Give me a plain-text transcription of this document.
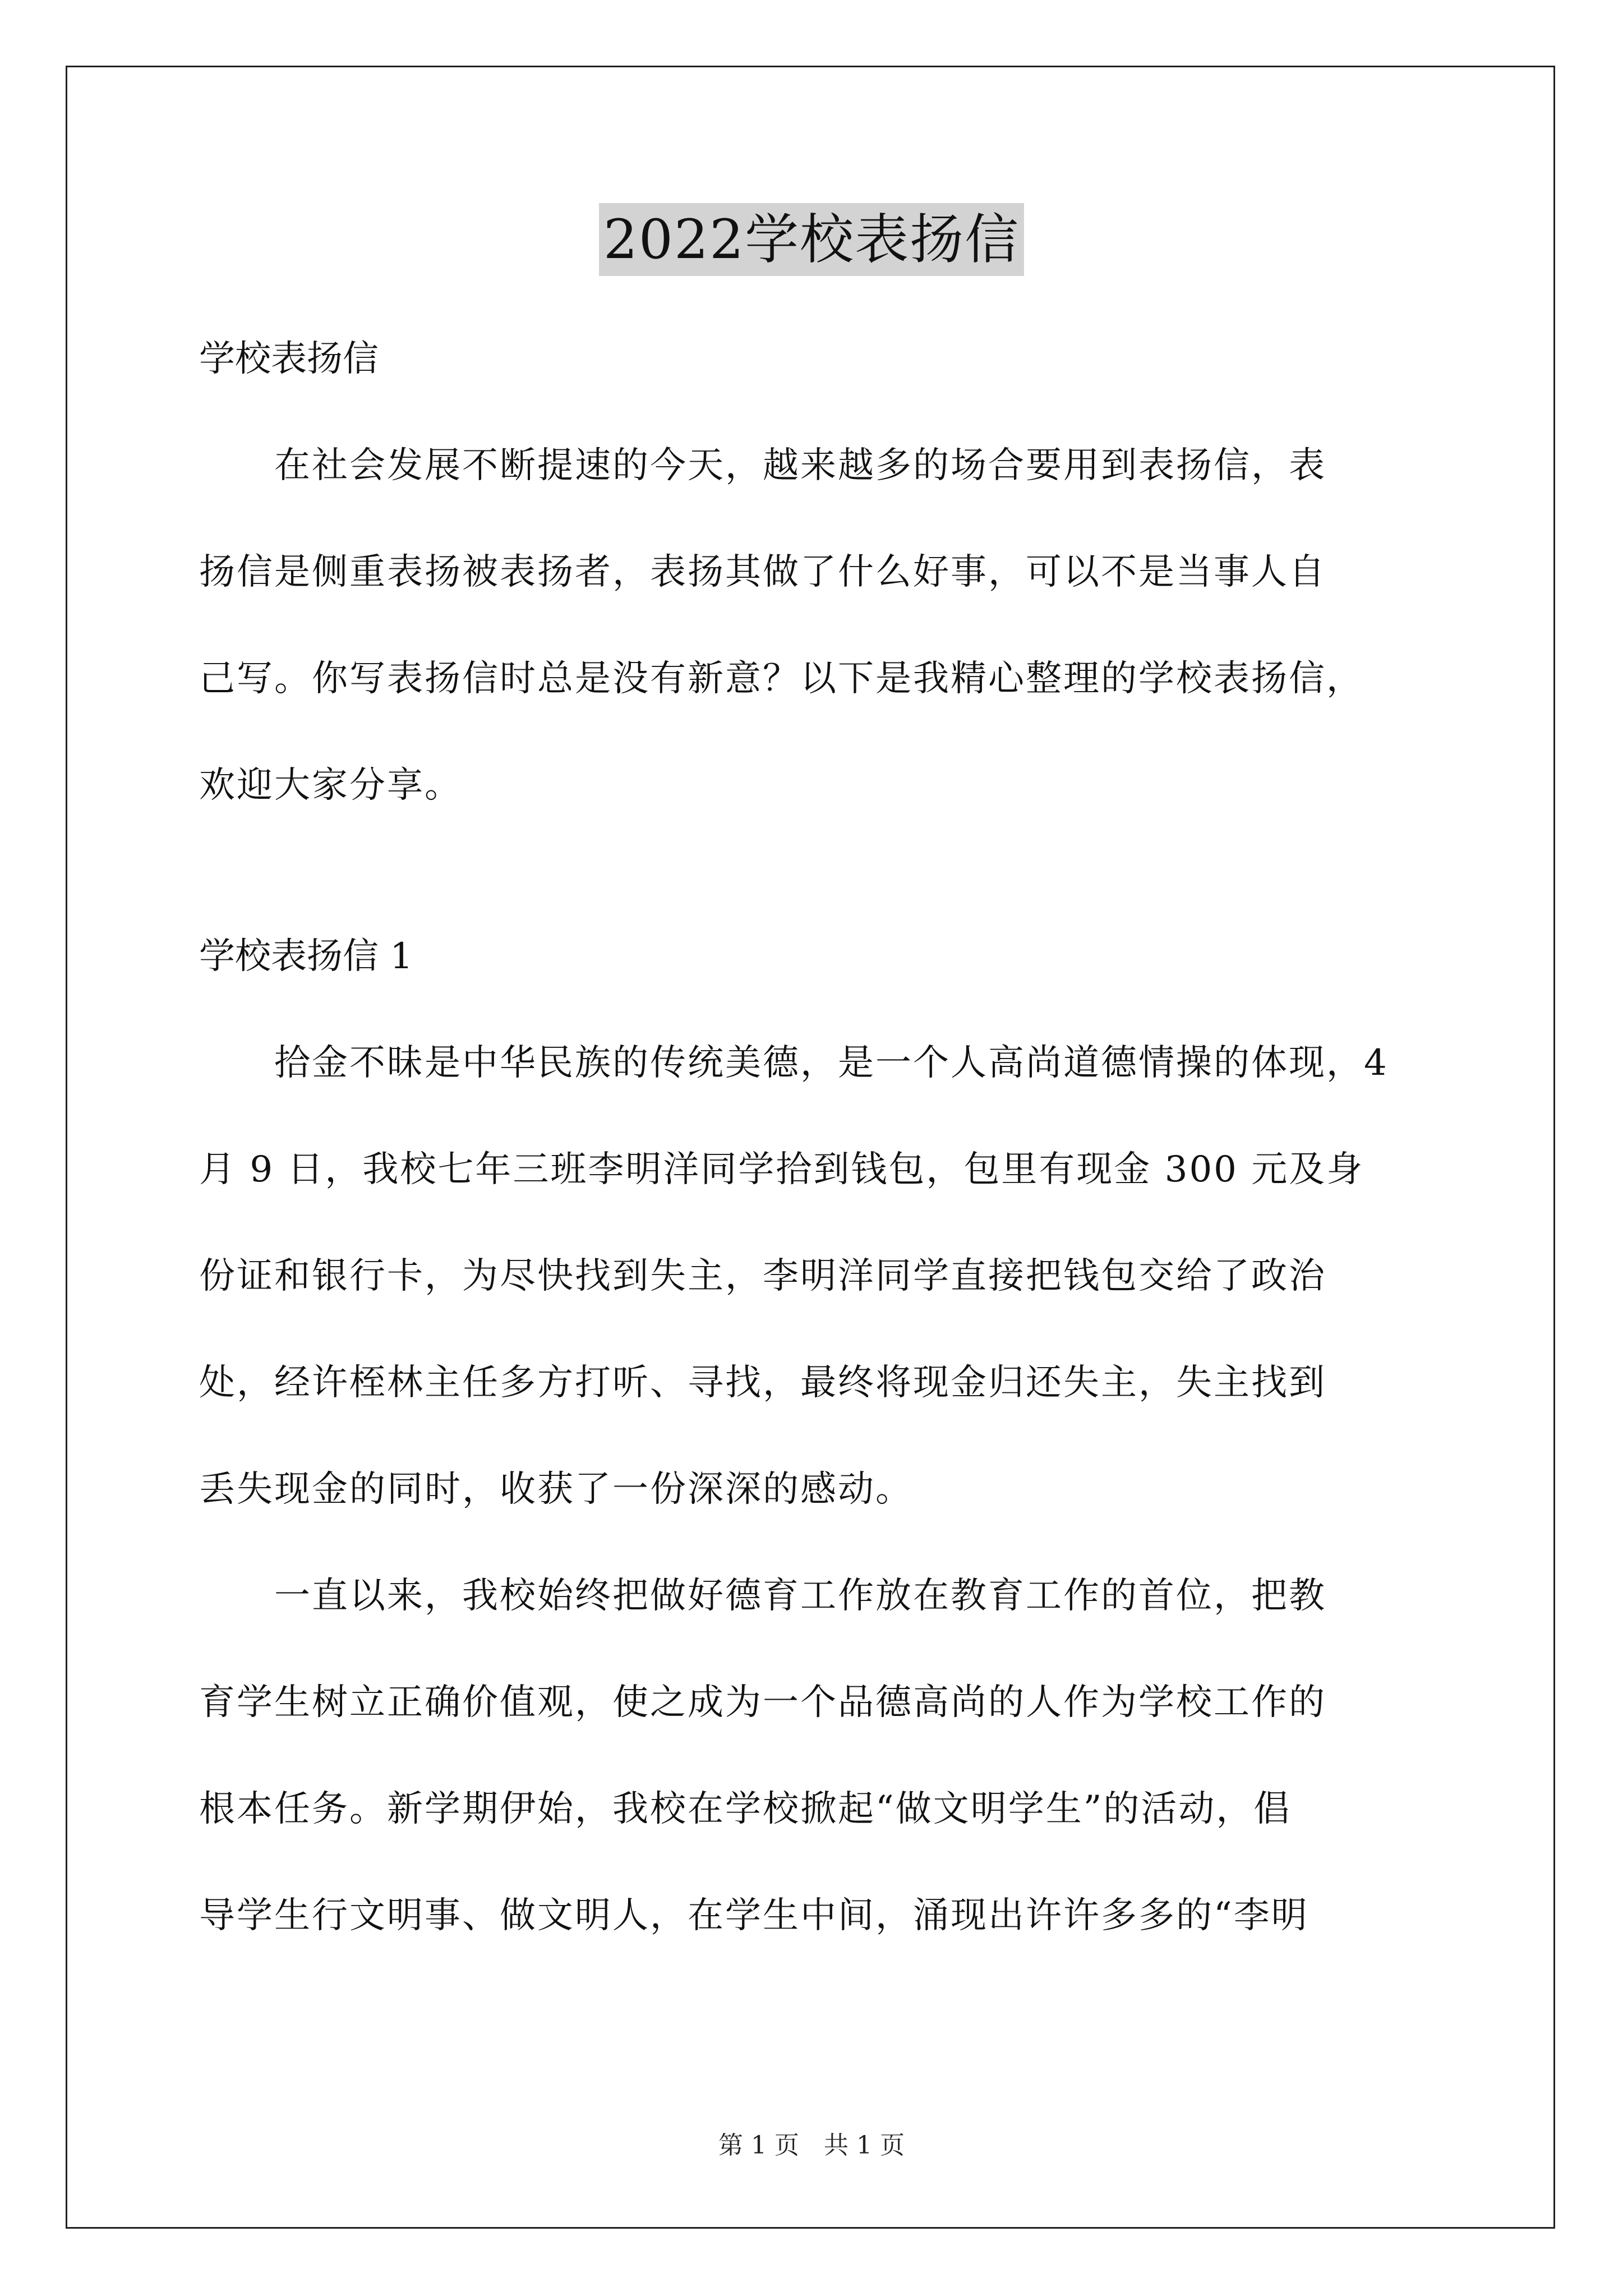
2022学校表扬信

学校表扬信

　　在社会发展不断提速的今天，越来越多的场合要用到表扬信，表

扬信是侧重表扬被表扬者，表扬其做了什么好事，可以不是当事人自

己写。你写表扬信时总是没有新意？以下是我精心整理的学校表扬信，

欢迎大家分享。

学校表扬信 1

　　拾金不昧是中华民族的传统美德，是一个人高尚道德情操的体现，4

月 9 日，我校七年三班李明洋同学拾到钱包，包里有现金 300 元及身

份证和银行卡，为尽快找到失主，李明洋同学直接把钱包交给了政治

处，经许桎林主任多方打听、寻找，最终将现金归还失主，失主找到

丢失现金的同时，收获了一份深深的感动。

　　一直以来，我校始终把做好德育工作放在教育工作的首位，把教

育学生树立正确价值观，使之成为一个品德高尚的人作为学校工作的

根本任务。新学期伊始，我校在学校掀起“做文明学生”的活动，倡

导学生行文明事、做文明人，在学生中间，涌现出许许多多的“李明

第 1 页　共 1 页
